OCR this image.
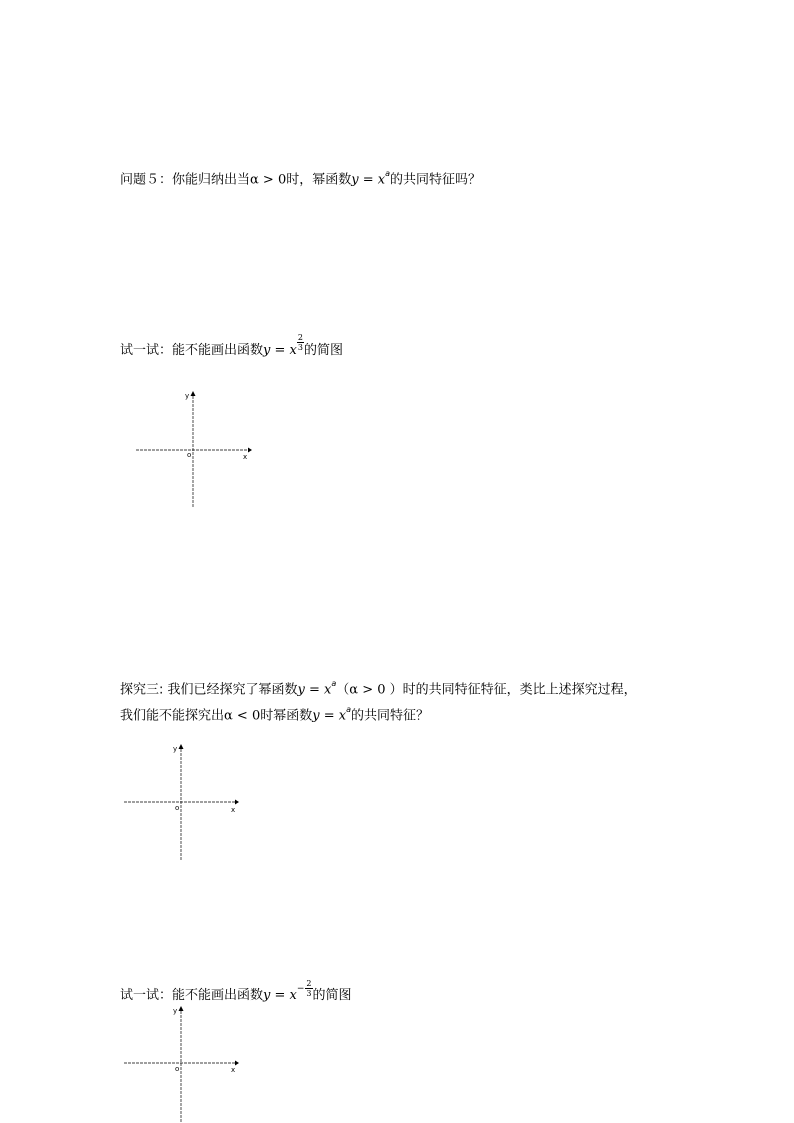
问题５：你能归纳出当α > 0时，幂函数$y = x^a$的共同特征吗？
试一试：能不能画出函数y = x $\frac{2}{3}$ 的简图
y
x
o
探究三: 我们已经探究了幂函数$y = x^a(\alpha > 0$ ）时的共同特征特征，类比上述探究过程，
我们能不能探究出α < 0时幂函数$y = x^a$的共同特征？
y
x
o
试一试：能不能画出函数$y = x- \frac{2}{3}$ 的简图
y
x
o
